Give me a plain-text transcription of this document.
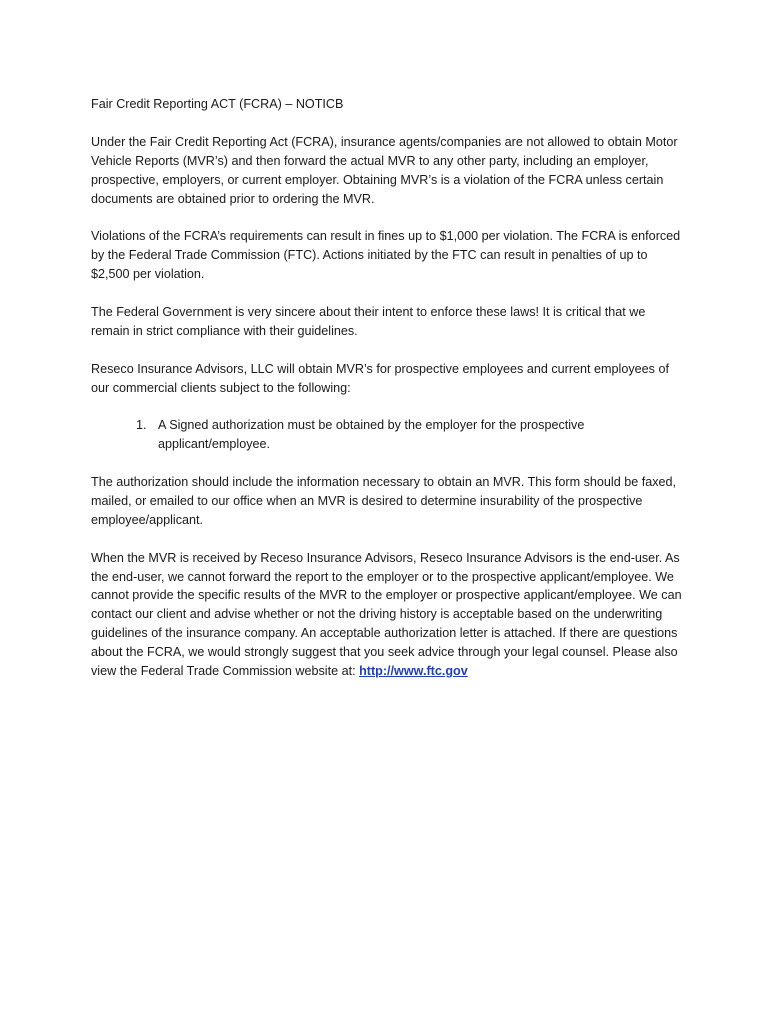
Fair Credit Reporting ACT (FCRA) – NOTICB

Under the Fair Credit Reporting Act (FCRA), insurance agents/companies are not allowed to obtain Motor Vehicle Reports (MVR’s) and then forward the actual MVR to any other party, including an employer, prospective, employers, or current employer. Obtaining MVR’s is a violation of the FCRA unless certain documents are obtained prior to ordering the MVR.

Violations of the FCRA’s requirements can result in fines up to $1,000 per violation. The FCRA is enforced by the Federal Trade Commission (FTC). Actions initiated by the FTC can result in penalties of up to $2,500 per violation.

The Federal Government is very sincere about their intent to enforce these laws! It is critical that we remain in strict compliance with their guidelines.

Reseco Insurance Advisors, LLC will obtain MVR’s for prospective employees and current employees of our commercial clients subject to the following:

1. A Signed authorization must be obtained by the employer for the prospective applicant/employee.

The authorization should include the information necessary to obtain an MVR. This form should be faxed, mailed, or emailed to our office when an MVR is desired to determine insurability of the prospective employee/applicant.

When the MVR is received by Receso Insurance Advisors, Reseco Insurance Advisors is the end-user. As the end-user, we cannot forward the report to the employer or to the prospective applicant/employee. We cannot provide the specific results of the MVR to the employer or prospective applicant/employee. We can contact our client and advise whether or not the driving history is acceptable based on the underwriting guidelines of the insurance company. An acceptable authorization letter is attached. If there are questions about the FCRA, we would strongly suggest that you seek advice through your legal counsel. Please also view the Federal Trade Commission website at: http://www.ftc.gov
